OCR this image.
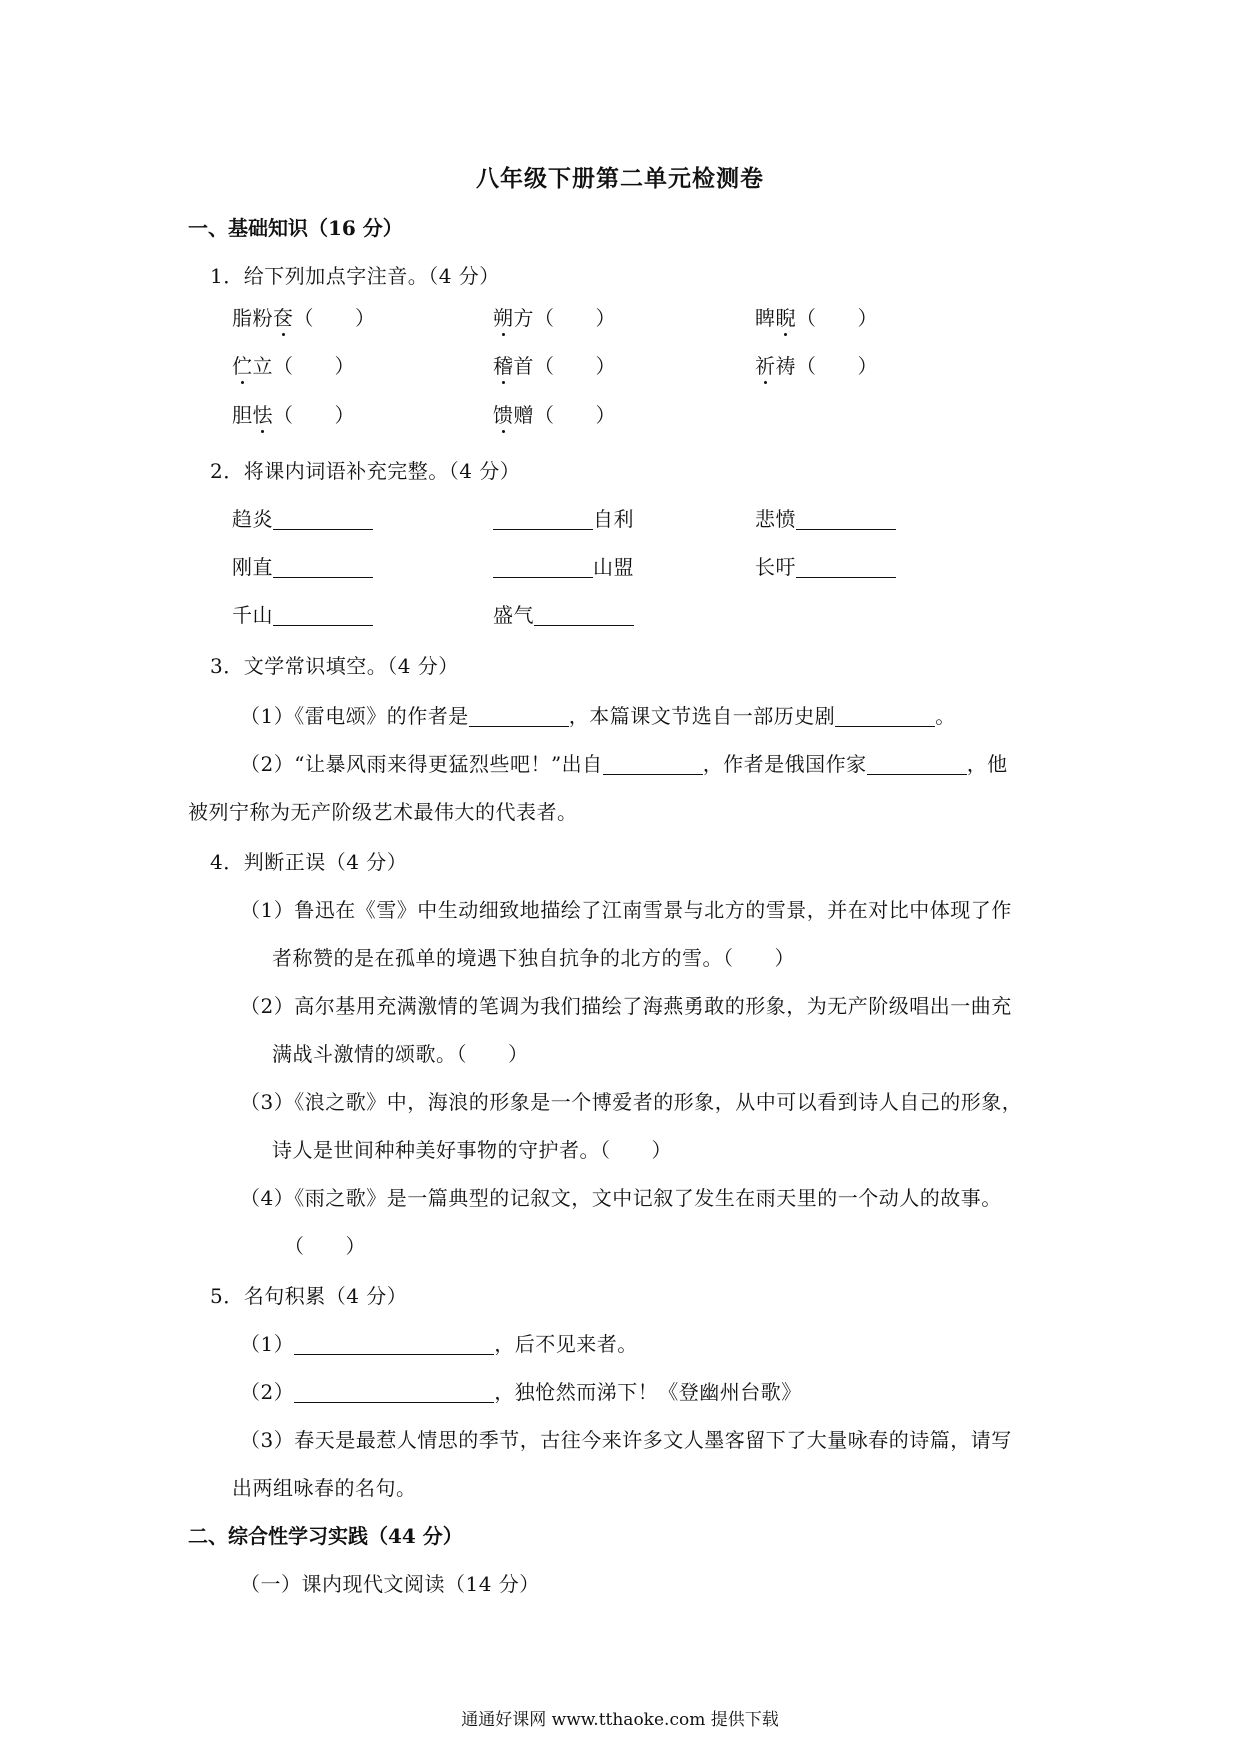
八年级下册第二单元检测卷
一、基础知识（16 分）
1．给下列加点字注音。（4 分）
脂粉奁（　　）	朔方（　　）	睥睨（　　）
伫立（　　）	稽首（　　）	祈祷（　　）
胆怯（　　）	馈赠（　　）
2．将课内词语补充完整。（4 分）
趋炎	自利	悲愤
刚直	山盟	长吁
千山	盛气
3．文学常识填空。（4 分）
（1）《雷电颂》的作者是	，本篇课文节选自一部历史剧	。
（2）“让暴风雨来得更猛烈些吧！”出自	，作者是俄国作家	，他
被列宁称为无产阶级艺术最伟大的代表者。
4．判断正误（4 分）
（1）鲁迅在《雪》中生动细致地描绘了江南雪景与北方的雪景，并在对比中体现了作
者称赞的是在孤单的境遇下独自抗争的北方的雪。（　　）
（2）高尔基用充满激情的笔调为我们描绘了海燕勇敢的形象，为无产阶级唱出一曲充
满战斗激情的颂歌。（　　）
（3）《浪之歌》中，海浪的形象是一个博爱者的形象，从中可以看到诗人自己的形象，
诗人是世间种种美好事物的守护者。（　　）
（4）《雨之歌》是一篇典型的记叙文，文中记叙了发生在雨天里的一个动人的故事。
（　　）
5．名句积累（4 分）
（1）	，后不见来者。
（2）	，独怆然而涕下！《登幽州台歌》
（3）春天是最惹人情思的季节，古往今来许多文人墨客留下了大量咏春的诗篇，请写
出两组咏春的名句。
二、综合性学习实践（44 分）
（一）课内现代文阅读（14 分）
通通好课网 www.tthaoke.com 提供下载
